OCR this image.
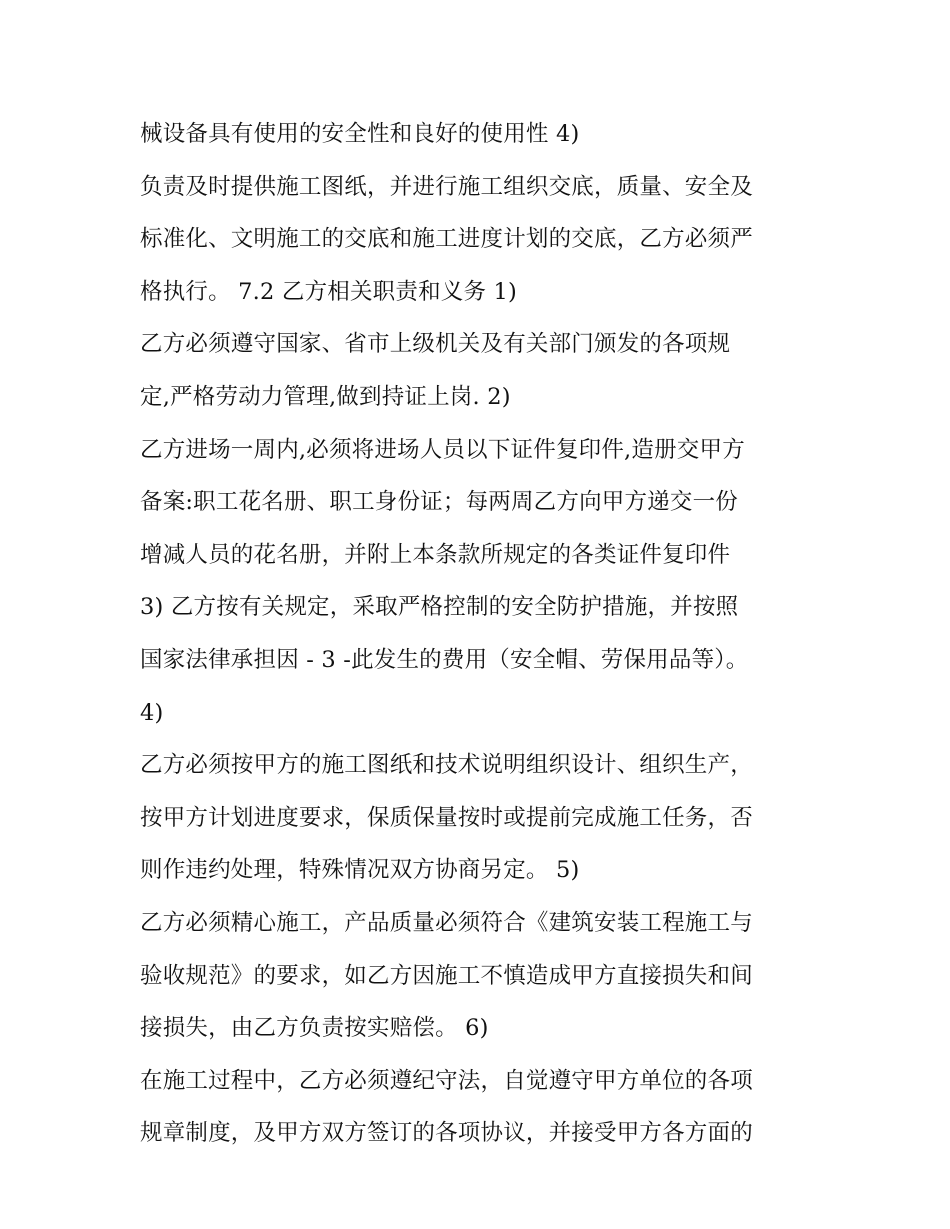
械设备具有使用的安全性和良好的使用性 4)
负责及时提供施工图纸，并进行施工组织交底，质量、安全及
标准化、文明施工的交底和施工进度计划的交底，乙方必须严
格执行。 7.2 乙方相关职责和义务 1)
乙方必须遵守国家、省市上级机关及有关部门颁发的各项规
定,严格劳动力管理,做到持证上岗. 2)
乙方进场一周内,必须将进场人员以下证件复印件,造册交甲方
备案:职工花名册、职工身份证；每两周乙方向甲方递交一份
增减人员的花名册，并附上本条款所规定的各类证件复印件
3) 乙方按有关规定，采取严格控制的安全防护措施，并按照
国家法律承担因 - 3 -此发生的费用（安全帽、劳保用品等）。
4)
乙方必须按甲方的施工图纸和技术说明组织设计、组织生产，
按甲方计划进度要求，保质保量按时或提前完成施工任务，否
则作违约处理，特殊情况双方协商另定。 5)
乙方必须精心施工，产品质量必须符合《建筑安装工程施工与
验收规范》的要求，如乙方因施工不慎造成甲方直接损失和间
接损失，由乙方负责按实赔偿。 6)
在施工过程中，乙方必须遵纪守法，自觉遵守甲方单位的各项
规章制度，及甲方双方签订的各项协议，并接受甲方各方面的
